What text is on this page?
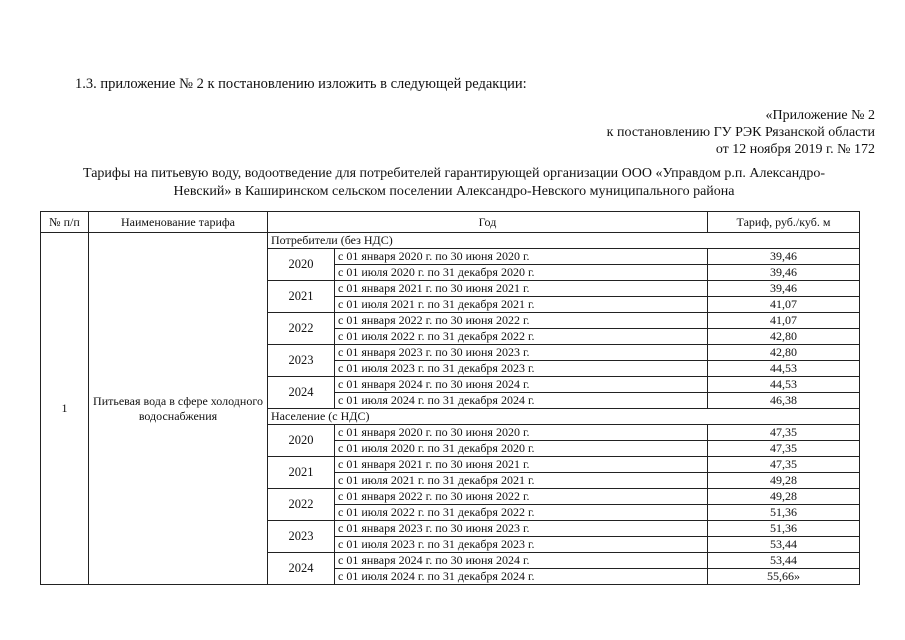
1.3. приложение № 2 к постановлению изложить в следующей редакции:
«Приложение № 2
к постановлению ГУ РЭК Рязанской области
от 12 ноября 2019 г. № 172
Тарифы на питьевую воду, водоотведение для потребителей гарантирующей организации ООО «Управдом р.п. Александро-
Невский» в Каширинском сельском поселении Александро-Невского муниципального района
№ п/п	Наименование тарифа	Год		Тариф, руб./куб. м
1	Питьевая вода в сфере холодного водоснабжения	Потребители (без НДС)		
		2020	с 01 января 2020 г. по 30 июня 2020 г.	39,46
			с 01 июля 2020 г. по 31 декабря 2020 г.	39,46
		2021	с 01 января 2021 г. по 30 июня 2021 г.	39,46
			с 01 июля 2021 г. по 31 декабря 2021 г.	41,07
		2022	с 01 января 2022 г. по 30 июня 2022 г.	41,07
			с 01 июля 2022 г. по 31 декабря 2022 г.	42,80
		2023	с 01 января 2023 г. по 30 июня 2023 г.	42,80
			с 01 июля 2023 г. по 31 декабря 2023 г.	44,53
		2024	с 01 января 2024 г. по 30 июня 2024 г.	44,53
			с 01 июля 2024 г. по 31 декабря 2024 г.	46,38
		Население (с НДС)		
		2020	с 01 января 2020 г. по 30 июня 2020 г.	47,35
			с 01 июля 2020 г. по 31 декабря 2020 г.	47,35
		2021	с 01 января 2021 г. по 30 июня 2021 г.	47,35
			с 01 июля 2021 г. по 31 декабря 2021 г.	49,28
		2022	с 01 января 2022 г. по 30 июня 2022 г.	49,28
			с 01 июля 2022 г. по 31 декабря 2022 г.	51,36
		2023	с 01 января 2023 г. по 30 июня 2023 г.	51,36
			с 01 июля 2023 г. по 31 декабря 2023 г.	53,44
		2024	с 01 января 2024 г. по 30 июня 2024 г.	53,44
			с 01 июля 2024 г. по 31 декабря 2024 г.	55,66»
